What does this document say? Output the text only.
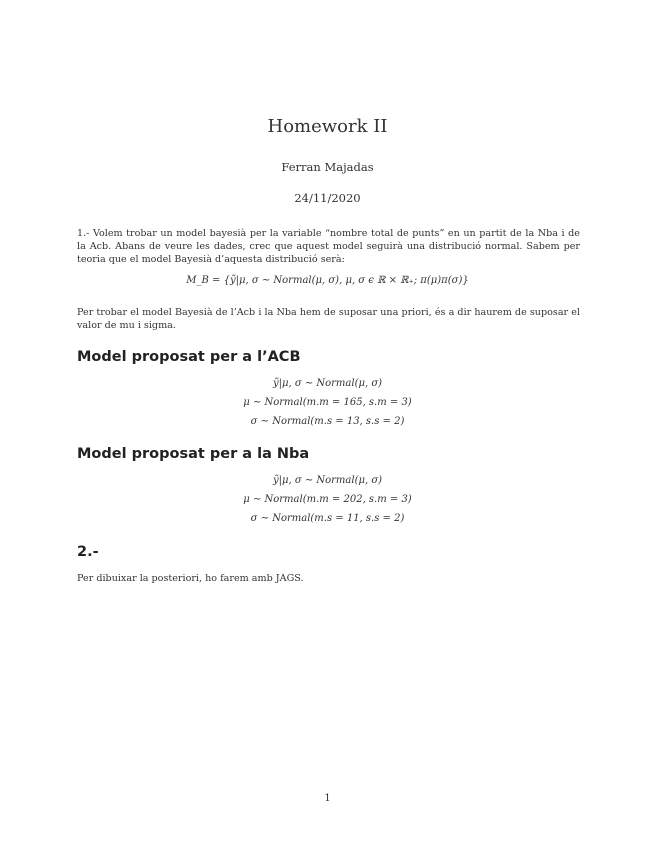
Homework II
Ferran Majadas
24/11/2020
1.- Volem trobar un model bayesià per la variable “nombre total de punts” en un partit de la Nba i de la Acb. Abans de veure les dades, crec que aquest model seguirà una distribució normal. Sabem per teoria que el model Bayesià d’aquesta distribució serà:
M_B = {ỹ|μ, σ ∼ Normal(μ, σ), μ, σ ϵ ℝ × ℝ₊; π(μ)π(σ)}
Per trobar el model Bayesià de l’Acb i la Nba hem de suposar una priori, és a dir haurem de suposar el valor de mu i sigma.
Model proposat per a l’ACB
ỹ|μ, σ ∼ Normal(μ, σ)
μ ∼ Normal(m.m = 165, s.m = 3)
σ ∼ Normal(m.s = 13, s.s = 2)
Model proposat per a la Nba
ỹ|μ, σ ∼ Normal(μ, σ)
μ ∼ Normal(m.m = 202, s.m = 3)
σ ∼ Normal(m.s = 11, s.s = 2)
2.-
Per dibuixar la posteriori, ho farem amb JAGS.
1
